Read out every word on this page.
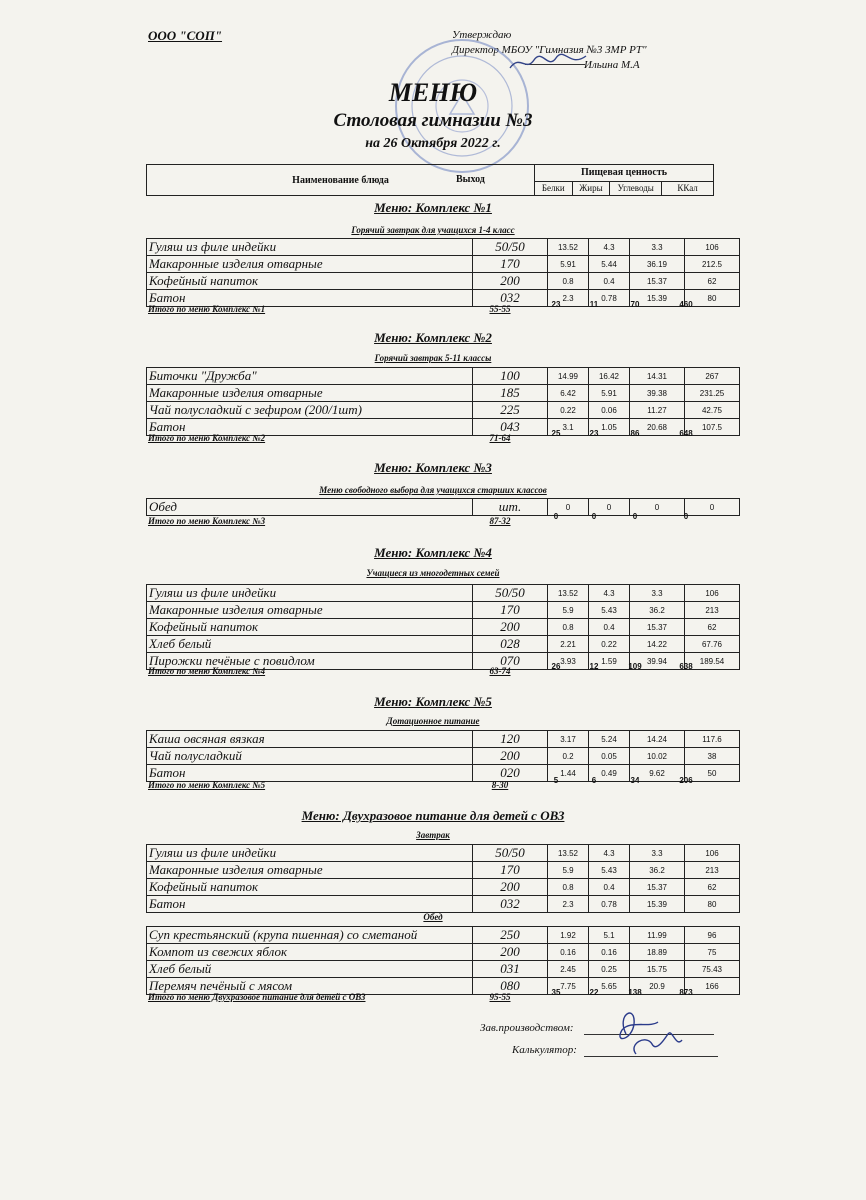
ООО "СОП"	Утверждаю
Директор МБОУ "Гимназия №3 ЗМР РТ"
Ильина М.А
МЕНЮ
Столовая гимназии №3
на 26 Октября 2022 г.
Наименование блюда	Пищевая ценность			
	Белки	Жиры	Углеводы	ККал
Выход
Меню: Комплекс №1
Горячий завтрак для учащихся 1-4 класс
Гуляш из филе индейки	50/50	13.52	4.3	3.3	106
Макаронные изделия отварные	170	5.91	5.44	36.19	212.5
Кофейный напиток	200	0.8	0.4	15.37	62
Батон	032	2.3	0.78	15.39	80
Итого по меню Комплекс №1	55-55	23	11	70	460
Меню: Комплекс №2
Горячий завтрак 5-11 классы
Биточки "Дружба"	100	14.99	16.42	14.31	267
Макаронные изделия отварные	185	6.42	5.91	39.38	231.25
Чай полусладкий с зефиром (200/1шт)	225	0.22	0.06	11.27	42.75
Батон	043	3.1	1.05	20.68	107.5
Итого по меню Комплекс №2	71-64	25	23	86	648
Меню: Комплекс №3
Меню свободного выбора для учащихся старших классов
Обед	шт.	0	0	0	0
Итого по меню Комплекс №3	87-32	0	0	0	0
Меню: Комплекс №4
Учащиеся из многодетных семей
Гуляш из филе индейки	50/50	13.52	4.3	3.3	106
Макаронные изделия отварные	170	5.9	5.43	36.2	213
Кофейный напиток	200	0.8	0.4	15.37	62
Хлеб белый	028	2.21	0.22	14.22	67.76
Пирожки печёные с повидлом	070	3.93	1.59	39.94	189.54
Итого по меню Комплекс №4	63-74	26	12	109	638
Меню: Комплекс №5
Дотационное питание
Каша овсяная вязкая	120	3.17	5.24	14.24	117.6
Чай полусладкий	200	0.2	0.05	10.02	38
Батон	020	1.44	0.49	9.62	50
Итого по меню Комплекс №5	8-30	5	6	34	206
Меню: Двухразовое питание для детей с ОВЗ
Завтрак
Гуляш из филе индейки	50/50	13.52	4.3	3.3	106
Макаронные изделия отварные	170	5.9	5.43	36.2	213
Кофейный напиток	200	0.8	0.4	15.37	62
Батон	032	2.3	0.78	15.39	80
Обед
Суп крестьянский (крупа пшенная) со сметаной	250	1.92	5.1	11.99	96
Компот из свежих яблок	200	0.16	0.16	18.89	75
Хлеб белый	031	2.45	0.25	15.75	75.43
Перемяч печёный с мясом	080	7.75	5.65	20.9	166
Итого по меню Двухразовое питание для детей с ОВЗ	95-55	35	22	138	873
Зав.производством:
Калькулятор:
